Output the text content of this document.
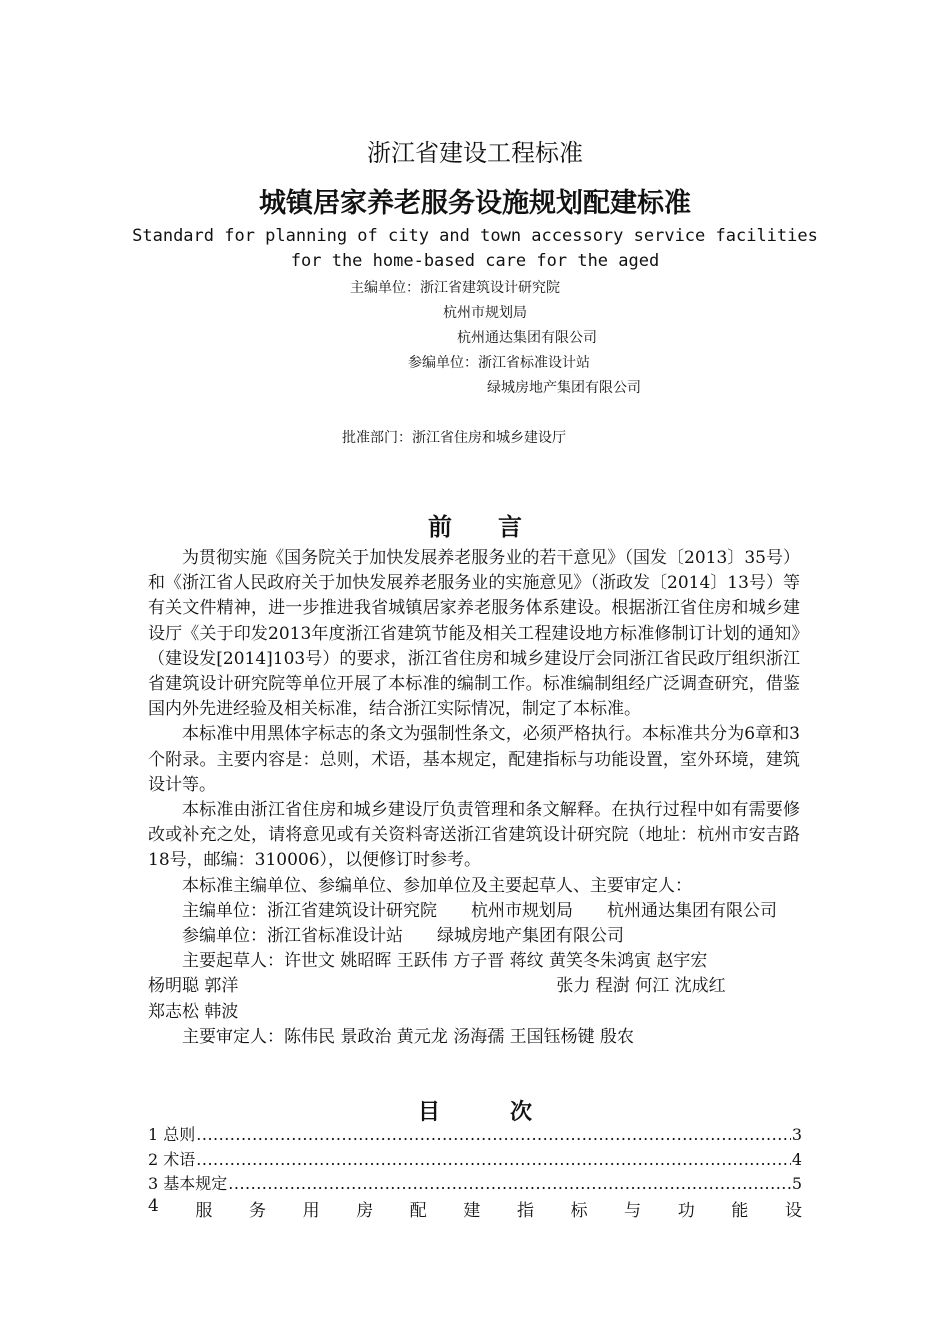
浙江省建设工程标准
城镇居家养老服务设施规划配建标准
Standard for planning of city and town accessory service facilities
for the home-based care for the aged
主编单位：浙江省建筑设计研究院
杭州市规划局
杭州通达集团有限公司
参编单位：浙江省标准设计站
绿城房地产集团有限公司
批准部门：浙江省住房和城乡建设厅
前言

为贯彻实施《国务院关于加快发展养老服务业的若干意见》（国发〔2013〕35号）和《浙江省人民政府关于加快发展养老服务业的实施意见》（浙政发〔2014〕13号）等有关文件精神，进一步推进我省城镇居家养老服务体系建设。根据浙江省住房和城乡建设厅《关于印发2013年度浙江省建筑节能及相关工程建设地方标准修制订计划的通知》（建设发[2014]103号）的要求，浙江省住房和城乡建设厅会同浙江省民政厅组织浙江省建筑设计研究院等单位开展了本标准的编制工作。标准编制组经广泛调查研究，借鉴国内外先进经验及相关标准，结合浙江实际情况，制定了本标准。

本标准中用黑体字标志的条文为强制性条文，必须严格执行。本标准共分为6章和3个附录。主要内容是：总则，术语，基本规定，配建指标与功能设置，室外环境，建筑设计等。

本标准由浙江省住房和城乡建设厅负责管理和条文解释。在执行过程中如有需要修改或补充之处，请将意见或有关资料寄送浙江省建筑设计研究院（地址：杭州市安吉路18号，邮编：310006），以便修订时参考。

本标准主编单位、参编单位、参加单位及主要起草人、主要审定人：

主编单位：浙江省建筑设计研究院　　杭州市规划局　　杭州通达集团有限公司

参编单位：浙江省标准设计站　　绿城房地产集团有限公司

主要起草人：许世文 姚昭晖 王跃伟 方子晋 蒋纹 黄笑冬朱鸿寅 赵宇宏

杨明聪 郭洋	张力 程澍 何江 沈成红

郑志松 韩波

主要审定人：陈伟民 景政治 黄元龙 汤海孺 王国钰杨键 殷农

目次
1 总则 .....	3
2 术语 .....	4
3 基本规定 .....	5
4 服 务 用 房 配 建 指 标 与 功 能 设
